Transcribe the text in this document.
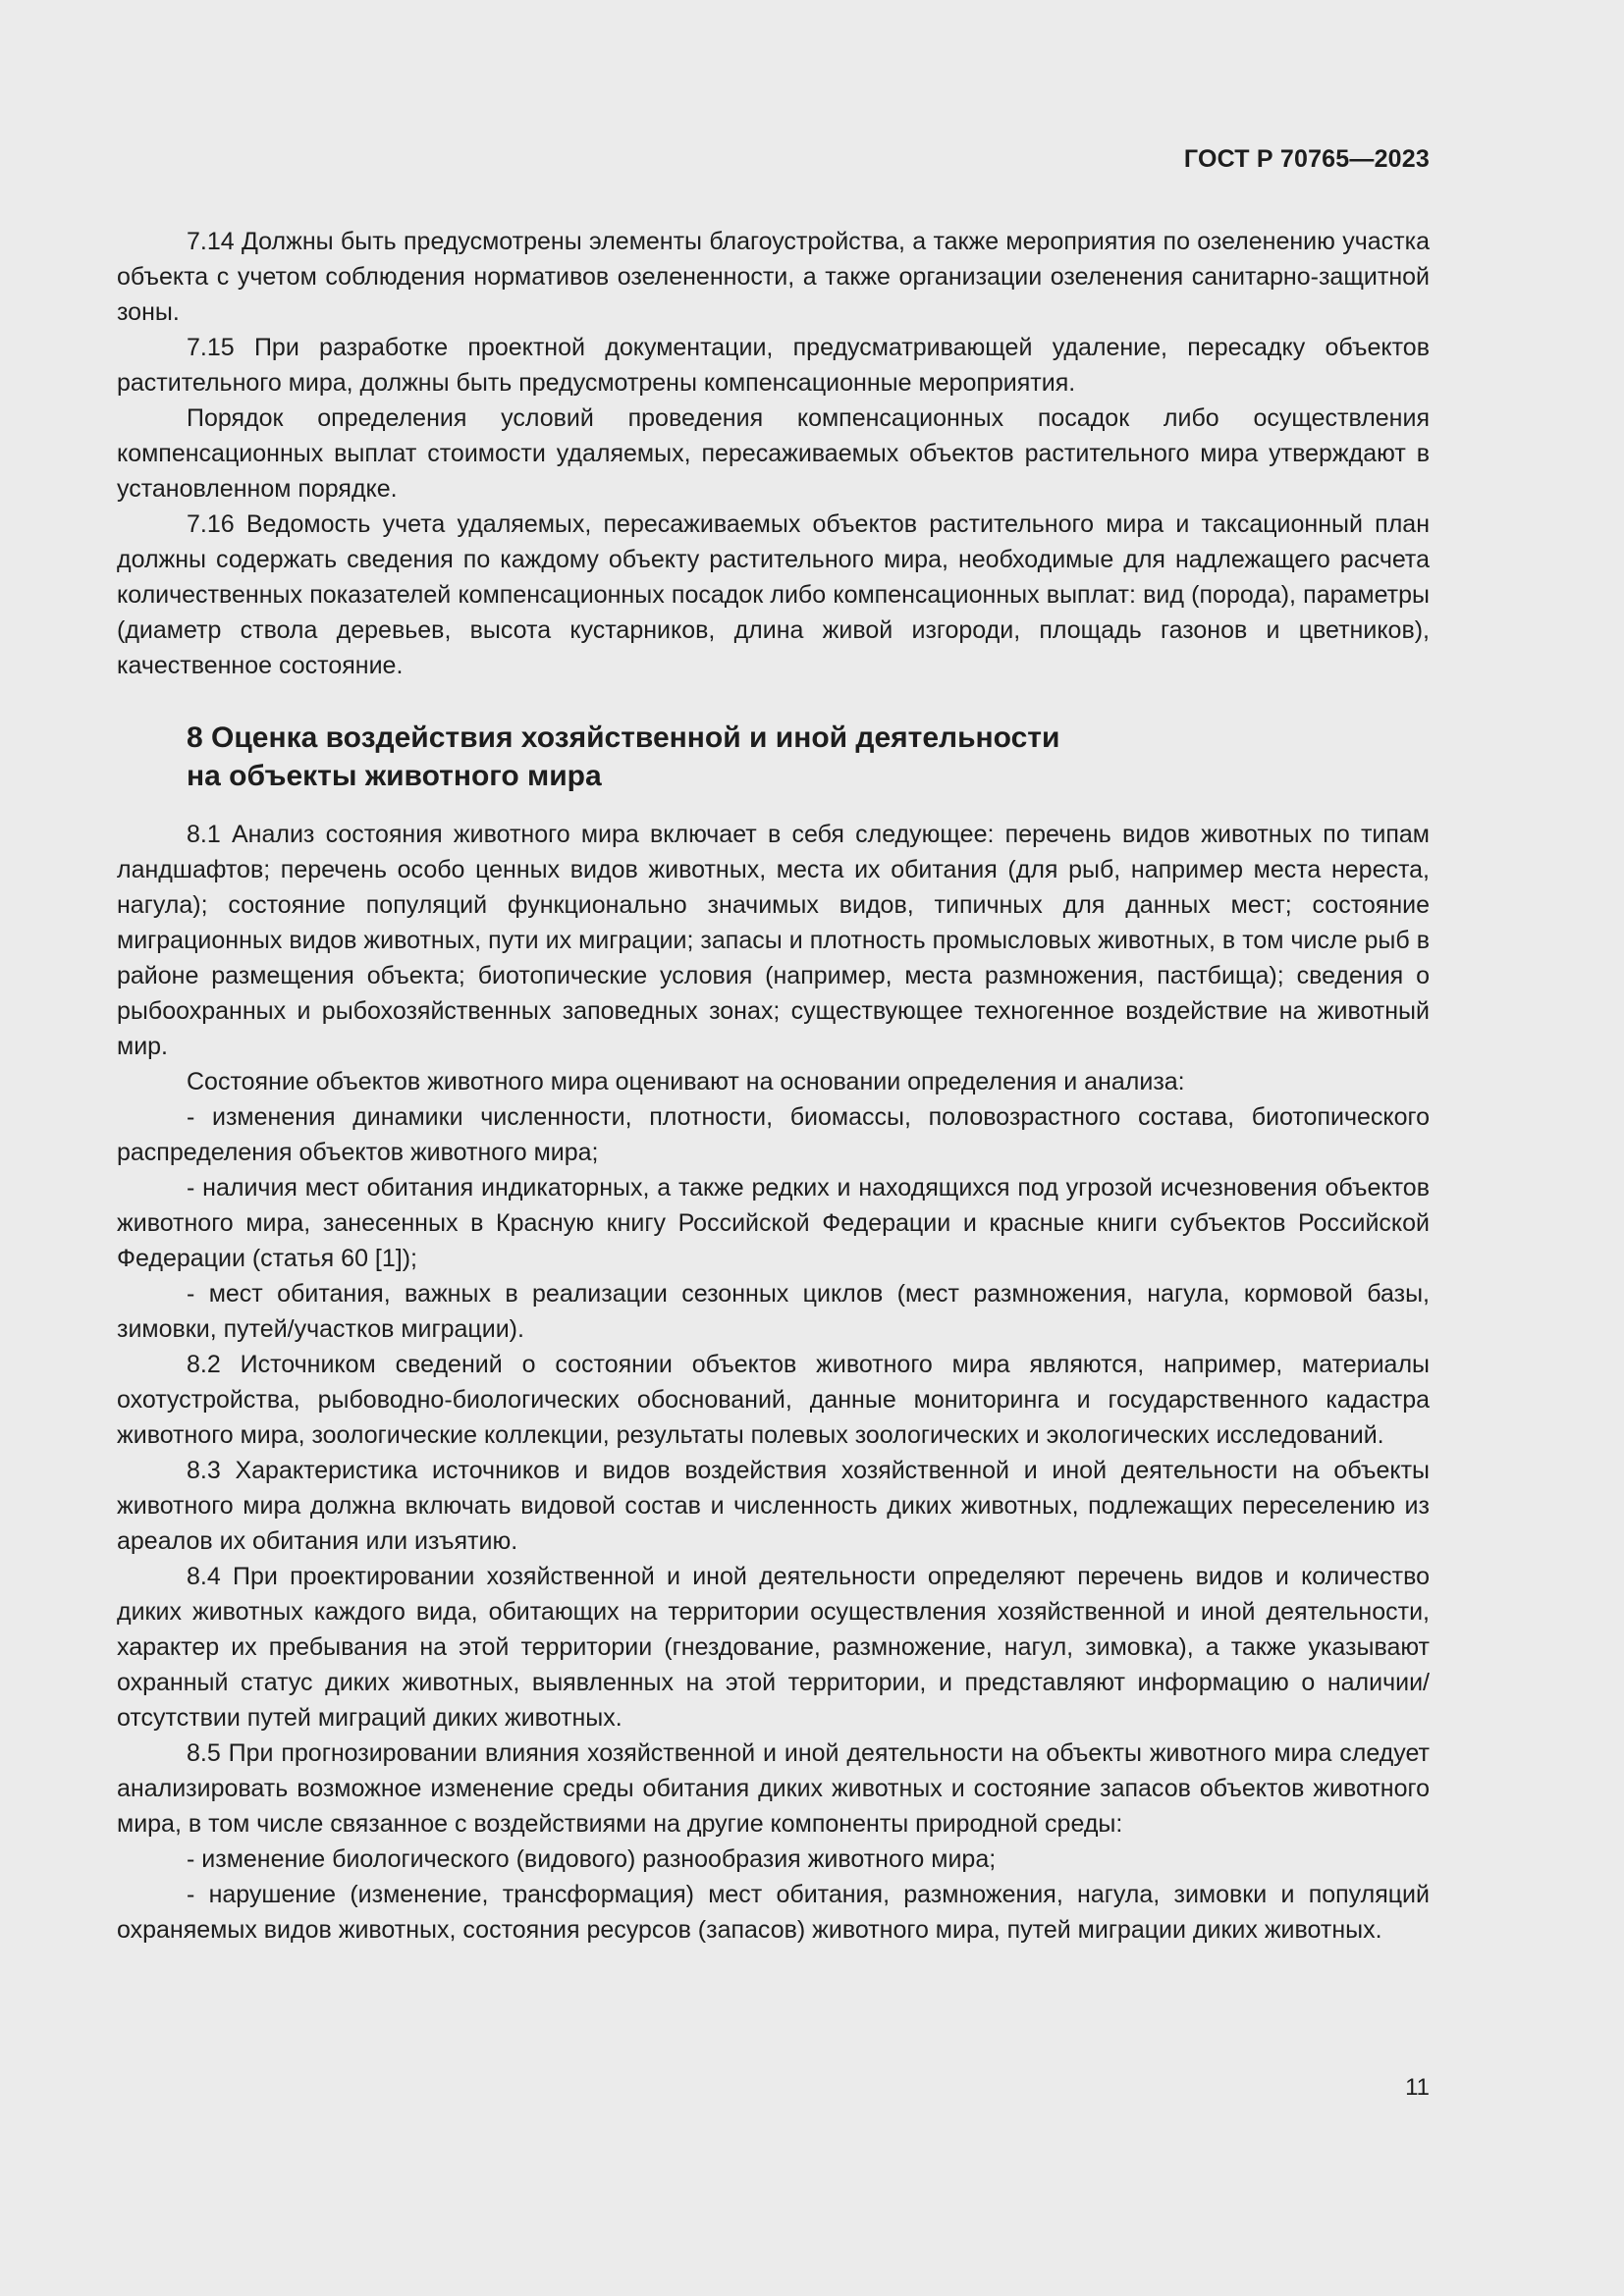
ГОСТ Р 70765—2023

7.14 Должны быть предусмотрены элементы благоустройства, а также мероприятия по озеленению участка объекта с учетом соблюдения нормативов озелененности, а также организации озеленения санитарно-защитной зоны.

7.15 При разработке проектной документации, предусматривающей удаление, пересадку объектов растительного мира, должны быть предусмотрены компенсационные мероприятия.

Порядок определения условий проведения компенсационных посадок либо осуществления компенсационных выплат стоимости удаляемых, пересаживаемых объектов растительного мира утверждают в установленном порядке.

7.16 Ведомость учета удаляемых, пересаживаемых объектов растительного мира и таксационный план должны содержать сведения по каждому объекту растительного мира, необходимые для надлежащего расчета количественных показателей компенсационных посадок либо компенсационных выплат: вид (порода), параметры (диаметр ствола деревьев, высота кустарников, длина живой изгороди, площадь газонов и цветников), качественное состояние.

8 Оценка воздействия хозяйственной и иной деятельности
на объекты животного мира

8.1 Анализ состояния животного мира включает в себя следующее: перечень видов животных по типам ландшафтов; перечень особо ценных видов животных, места их обитания (для рыб, например места нереста, нагула); состояние популяций функционально значимых видов, типичных для данных мест; состояние миграционных видов животных, пути их миграции; запасы и плотность промысловых животных, в том числе рыб в районе размещения объекта; биотопические условия (например, места размножения, пастбища); сведения о рыбоохранных и рыбохозяйственных заповедных зонах; существующее техногенное воздействие на животный мир.

Состояние объектов животного мира оценивают на основании определения и анализа:

- изменения динамики численности, плотности, биомассы, половозрастного состава, биотопического распределения объектов животного мира;

- наличия мест обитания индикаторных, а также редких и находящихся под угрозой исчезновения объектов животного мира, занесенных в Красную книгу Российской Федерации и красные книги субъектов Российской Федерации (статья 60 [1]);

- мест обитания, важных в реализации сезонных циклов (мест размножения, нагула, кормовой базы, зимовки, путей/участков миграции).

8.2 Источником сведений о состоянии объектов животного мира являются, например, материалы охотустройства, рыбоводно-биологических обоснований, данные мониторинга и государственного кадастра животного мира, зоологические коллекции, результаты полевых зоологических и экологических исследований.

8.3 Характеристика источников и видов воздействия хозяйственной и иной деятельности на объекты животного мира должна включать видовой состав и численность диких животных, подлежащих переселению из ареалов их обитания или изъятию.

8.4 При проектировании хозяйственной и иной деятельности определяют перечень видов и количество диких животных каждого вида, обитающих на территории осуществления хозяйственной и иной деятельности, характер их пребывания на этой территории (гнездование, размножение, нагул, зимовка), а также указывают охранный статус диких животных, выявленных на этой территории, и представляют информацию о наличии/отсутствии путей миграций диких животных.

8.5 При прогнозировании влияния хозяйственной и иной деятельности на объекты животного мира следует анализировать возможное изменение среды обитания диких животных и состояние запасов объектов животного мира, в том числе связанное с воздействиями на другие компоненты природной среды:

- изменение биологического (видового) разнообразия животного мира;

- нарушение (изменение, трансформация) мест обитания, размножения, нагула, зимовки и популяций охраняемых видов животных, состояния ресурсов (запасов) животного мира, путей миграции диких животных.

11
